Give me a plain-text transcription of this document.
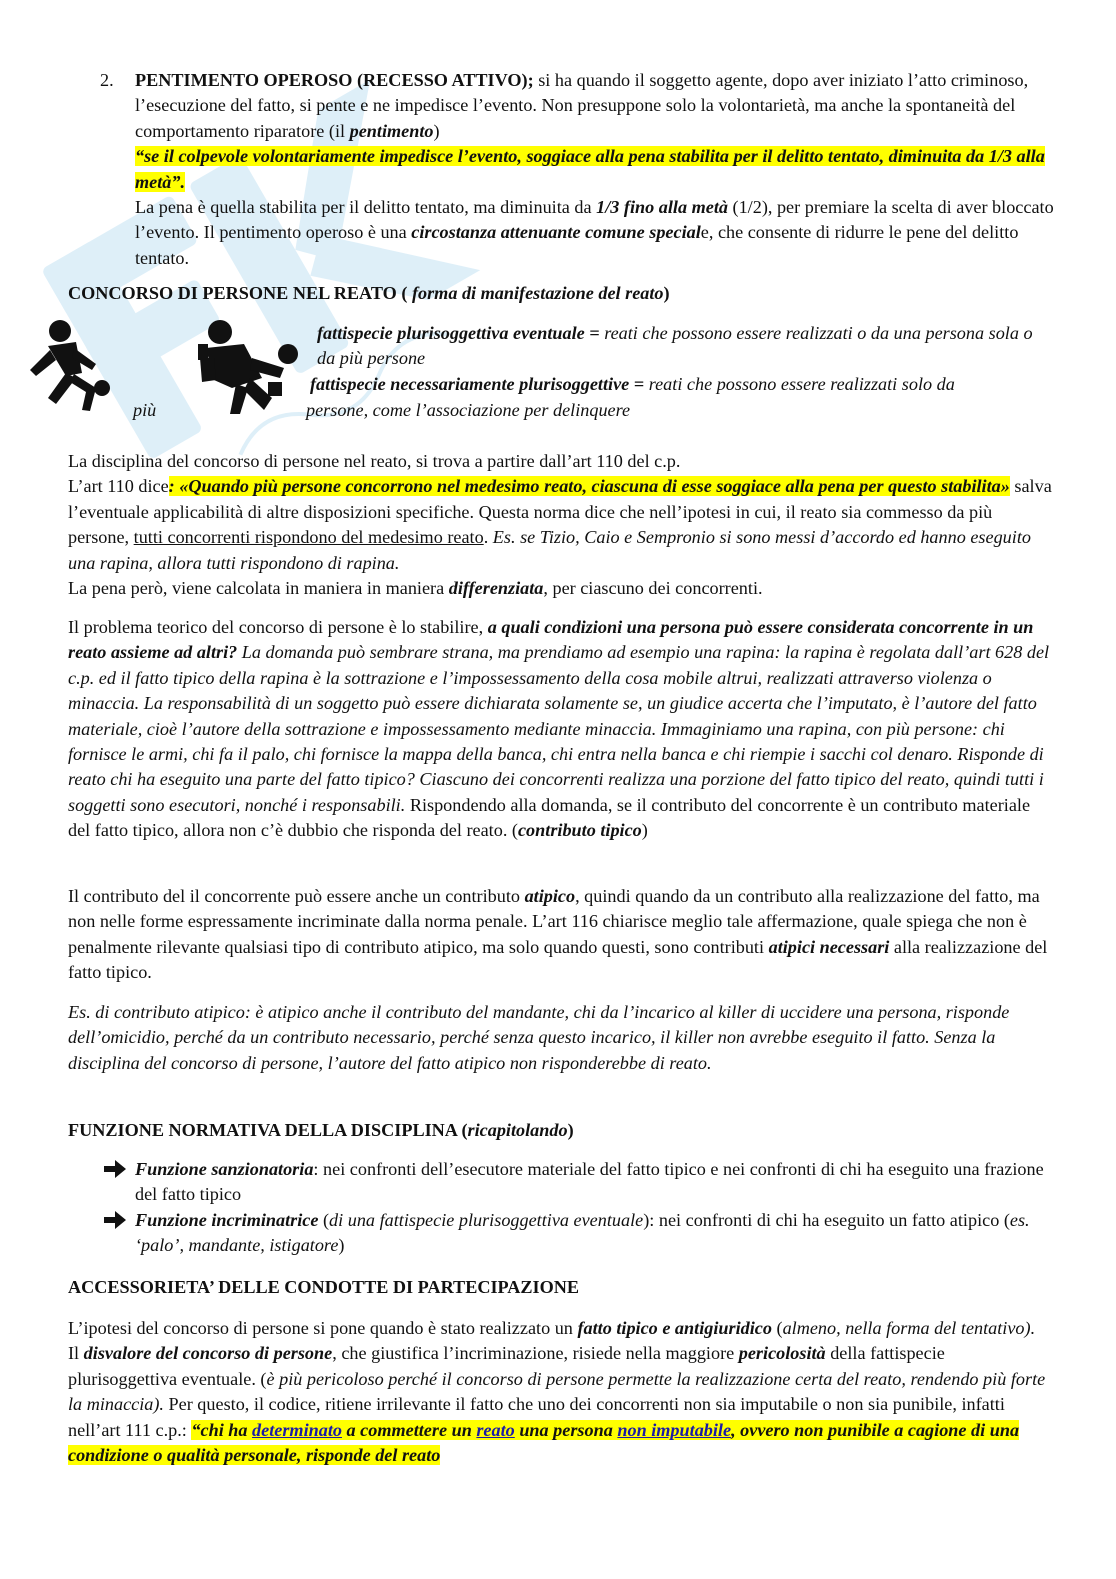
2. PENTIMENTO OPEROSO (RECESSO ATTIVO); si ha quando il soggetto agente, dopo aver iniziato l’atto criminoso, l’esecuzione del fatto, si pente e ne impedisce l’evento. Non presuppone solo la volontarietà, ma anche la spontaneità del comportamento riparatore (il pentimento)

“se il colpevole volontariamente impedisce l’evento, soggiace alla pena stabilita per il delitto tentato, diminuita da 1/3 alla metà”.

La pena è quella stabilita per il delitto tentato, ma diminuita da 1/3 fino alla metà (1/2), per premiare la scelta di aver bloccato l’evento. Il pentimento operoso è una circostanza attenuante comune speciale, che consente di ridurre le pene del delitto tentato.

CONCORSO DI PERSONE NEL REATO ( forma di manifestazione del reato)

fattispecie plurisoggettiva eventuale = reati che possono essere realizzati o da una persona sola o da più persone

fattispecie necessariamente plurisoggettive = reati che possono essere realizzati solo da

più	persone, come l’associazione per delinquere

La disciplina del concorso di persone nel reato, si trova a partire dall’art 110 del c.p.

L’art 110 dice: «Quando più persone concorrono nel medesimo reato, ciascuna di esse soggiace alla pena per questo stabilita» salva l’eventuale applicabilità di altre disposizioni specifiche. Questa norma dice che nell’ipotesi in cui, il reato sia commesso da più persone, tutti concorrenti rispondono del medesimo reato. Es. se Tizio, Caio e Sempronio si sono messi d’accordo ed hanno eseguito una rapina, allora tutti rispondono di rapina.

La pena però, viene calcolata in maniera in maniera differenziata, per ciascuno dei concorrenti.

Il problema teorico del concorso di persone è lo stabilire, a quali condizioni una persona può essere considerata concorrente in un reato assieme ad altri? La domanda può sembrare strana, ma prendiamo ad esempio una rapina: la rapina è regolata dall’art 628 del c.p. ed il fatto tipico della rapina è la sottrazione e l’impossessamento della cosa mobile altrui, realizzati attraverso violenza o minaccia. La responsabilità di un soggetto può essere dichiarata solamente se, un giudice accerta che l’imputato, è l’autore del fatto materiale, cioè l’autore della sottrazione e impossessamento mediante minaccia. Immaginiamo una rapina, con più persone: chi fornisce le armi, chi fa il palo, chi fornisce la mappa della banca, chi entra nella banca e chi riempie i sacchi col denaro. Risponde di reato chi ha eseguito una parte del fatto tipico? Ciascuno dei concorrenti realizza una porzione del fatto tipico del reato, quindi tutti i soggetti sono esecutori, nonché i responsabili. Rispondendo alla domanda, se il contributo del concorrente è un contributo materiale del fatto tipico, allora non c’è dubbio che risponda del reato. (contributo tipico)

Il contributo del il concorrente può essere anche un contributo atipico, quindi quando da un contributo alla realizzazione del fatto, ma non nelle forme espressamente incriminate dalla norma penale. L’art 116 chiarisce meglio tale affermazione, quale spiega che non è penalmente rilevante qualsiasi tipo di contributo atipico, ma solo quando questi, sono contributi atipici necessari alla realizzazione del fatto tipico.

Es. di contributo atipico: è atipico anche il contributo del mandante, chi da l’incarico al killer di uccidere una persona, risponde dell’omicidio, perché da un contributo necessario, perché senza questo incarico, il killer non avrebbe eseguito il fatto. Senza la disciplina del concorso di persone, l’autore del fatto atipico non risponderebbe di reato.

FUNZIONE NORMATIVA DELLA DISCIPLINA (ricapitolando)

Funzione sanzionatoria: nei confronti dell’esecutore materiale del fatto tipico e nei confronti di chi ha eseguito una frazione del fatto tipico

Funzione incriminatrice (di una fattispecie plurisoggettiva eventuale): nei confronti di chi ha eseguito un fatto atipico (es. ‘palo’, mandante, istigatore)

ACCESSORIETA’ DELLE CONDOTTE DI PARTECIPAZIONE

L’ipotesi del concorso di persone si pone quando è stato realizzato un fatto tipico e antigiuridico (almeno, nella forma del tentativo).

Il disvalore del concorso di persone, che giustifica l’incriminazione, risiede nella maggiore pericolosità della fattispecie plurisoggettiva eventuale. (è più pericoloso perché il concorso di persone permette la realizzazione certa del reato, rendendo più forte la minaccia). Per questo, il codice, ritiene irrilevante il fatto che uno dei concorrenti non sia imputabile o non sia punibile, infatti nell’art 111 c.p.: “chi ha determinato a commettere un reato una persona non imputabile, ovvero non punibile a cagione di una condizione o qualità personale, risponde del reato
